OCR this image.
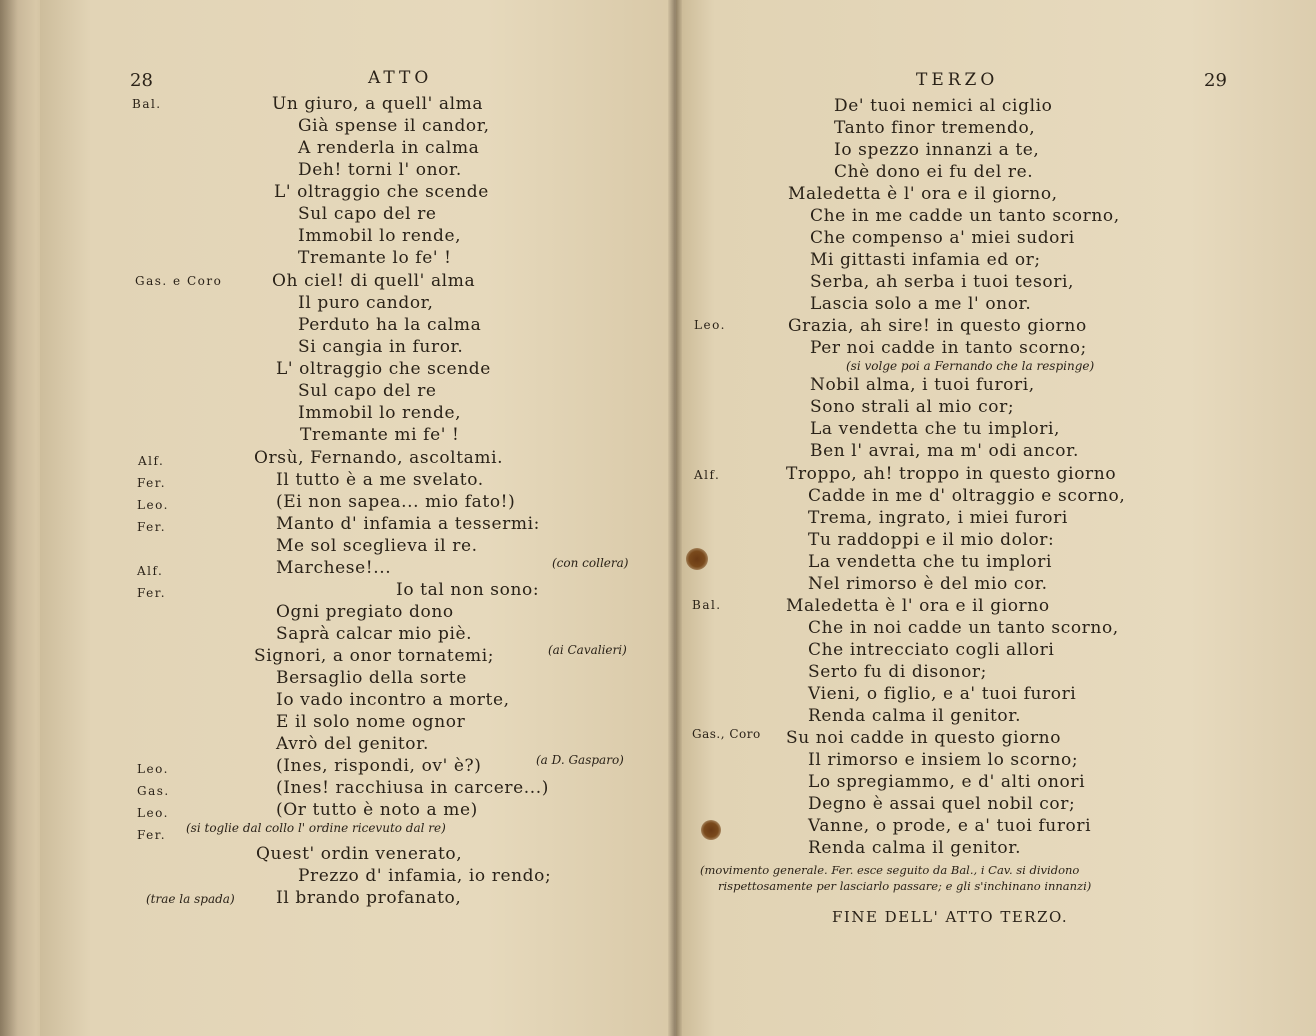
28	ATTO
Bal.
Gas. e Coro
Alf.
Fer.
Leo.
Fer.
Alf.
Fer.
Leo.
Gas.
Leo.
Fer.
Un giuro, a quell' alma
Già spense il candor,
A renderla in calma
Deh! torni l' onor.
L' oltraggio che scende
Sul capo del re
Immobil lo rende,
Tremante lo fe' !
Oh ciel! di quell' alma
Il puro candor,
Perduto ha la calma
Si cangia in furor.
L' oltraggio che scende
Sul capo del re
Immobil lo rende,
Tremante mi fe' !
Orsù, Fernando, ascoltami.
Il tutto è a me svelato.
(Ei non sapea... mio fato!)
Manto d' infamia a tessermi:
Me sol sceglieva il re.
Marchese!...
Io tal non sono:
Ogni pregiato dono
Saprà calcar mio piè.
Signori, a onor tornatemi;
Bersaglio della sorte
Io vado incontro a morte,
E il solo nome ognor
Avrò del genitor.
(Ines, rispondi, ov' è?)
(Ines! racchiusa in carcere...)
(Or tutto è noto a me)
Quest' ordin venerato,
Prezzo d' infamia, io rendo;
Il brando profanato,
(con collera)
(ai Cavalieri)
(a D. Gasparo)
(si toglie dal collo l' ordine ricevuto dal re)
(trae la spada)
TERZO	29
Leo.
Alf.
Bal.
Gas., Coro
De' tuoi nemici al ciglio
Tanto finor tremendo,
Io spezzo innanzi a te,
Chè dono ei fu del re.
Maledetta è l' ora e il giorno,
Che in me cadde un tanto scorno,
Che compenso a' miei sudori
Mi gittasti infamia ed or;
Serba, ah serba i tuoi tesori,
Lascia solo a me l' onor.
Grazia, ah sire! in questo giorno
Per noi cadde in tanto scorno;
Nobil alma, i tuoi furori,
Sono strali al mio cor;
La vendetta che tu implori,
Ben l' avrai, ma m' odi ancor.
Troppo, ah! troppo in questo giorno
Cadde in me d' oltraggio e scorno,
Trema, ingrato, i miei furori
Tu raddoppi e il mio dolor:
La vendetta che tu implori
Nel rimorso è del mio cor.
Maledetta è l' ora e il giorno
Che in noi cadde un tanto scorno,
Che intrecciato cogli allori
Serto fu di disonor;
Vieni, o figlio, e a' tuoi furori
Renda calma il genitor.
Su noi cadde in questo giorno
Il rimorso e insiem lo scorno;
Lo spregiammo, e d' alti onori
Degno è assai quel nobil cor;
Vanne, o prode, e a' tuoi furori
Renda calma il genitor.
(si volge poi a Fernando che la respinge)
(movimento generale. Fer. esce seguito da Bal., i Cav. si dividono
rispettosamente per lasciarlo passare; e gli s'inchinano innanzi)
FINE DELL' ATTO TERZO.
